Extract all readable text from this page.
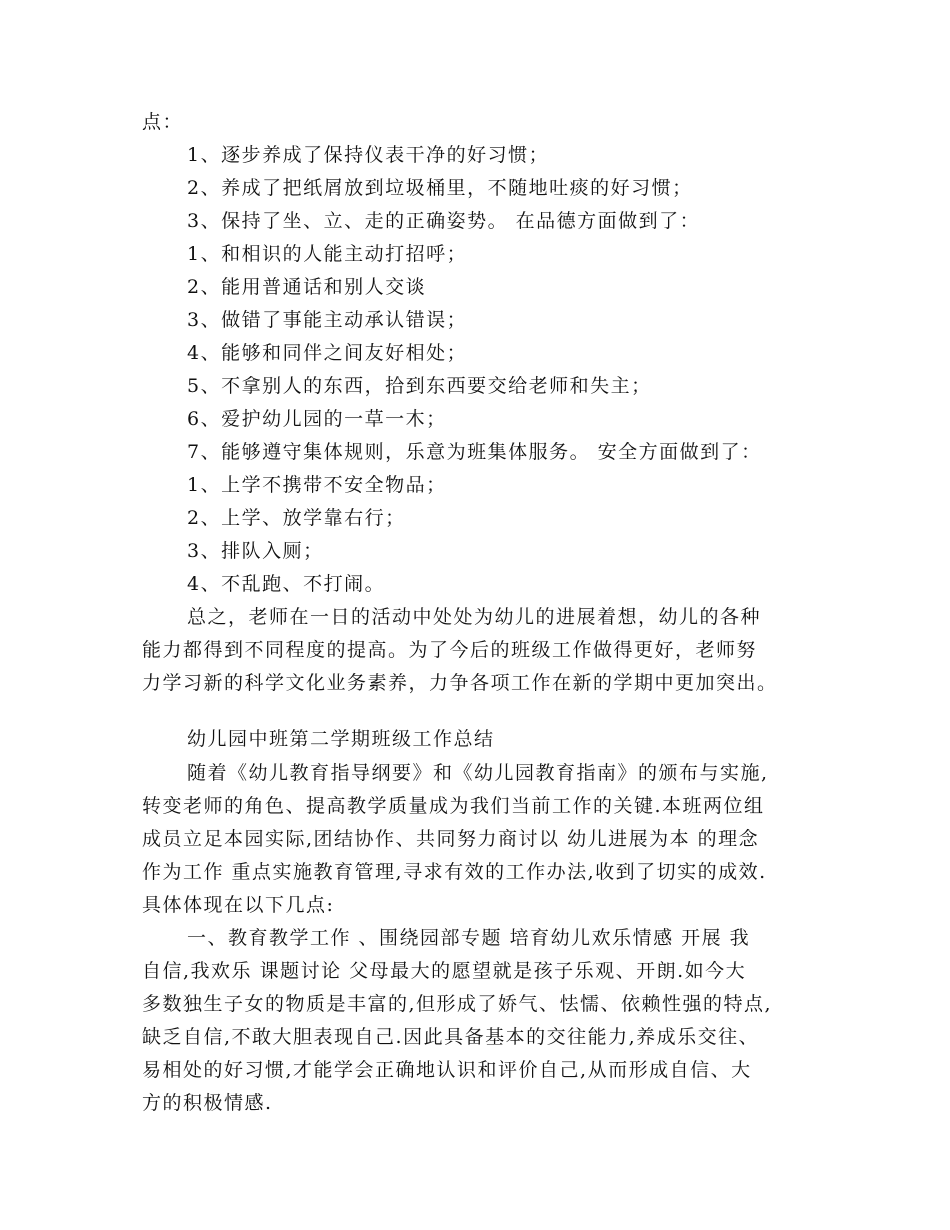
点：
1、逐步养成了保持仪表干净的好习惯；
2、养成了把纸屑放到垃圾桶里，不随地吐痰的好习惯；
3、保持了坐、立、走的正确姿势。 在品德方面做到了：
1、和相识的人能主动打招呼；
2、能用普通话和别人交谈
3、做错了事能主动承认错误；
4、能够和同伴之间友好相处；
5、不拿别人的东西，拾到东西要交给老师和失主；
6、爱护幼儿园的一草一木；
7、能够遵守集体规则，乐意为班集体服务。 安全方面做到了：
1、上学不携带不安全物品；
2、上学、放学靠右行；
3、排队入厕；
4、不乱跑、不打闹。
总之，老师在一日的活动中处处为幼儿的进展着想，幼儿的各种
能力都得到不同程度的提高。为了今后的班级工作做得更好，老师努
力学习新的科学文化业务素养，力争各项工作在新的学期中更加突出。
幼儿园中班第二学期班级工作总结
随着《幼儿教育指导纲要》和《幼儿园教育指南》的颁布与实施,
转变老师的角色、提高教学质量成为我们当前工作的关键.本班两位组
成员立足本园实际,团结协作、共同努力商讨以 幼儿进展为本 的理念
作为工作 重点实施教育管理,寻求有效的工作办法,收到了切实的成效.
具体体现在以下几点:
一、教育教学工作 、围绕园部专题 培育幼儿欢乐情感 开展 我
自信,我欢乐 课题讨论 父母最大的愿望就是孩子乐观、开朗.如今大
多数独生子女的物质是丰富的,但形成了娇气、怯懦、依赖性强的特点,
缺乏自信,不敢大胆表现自己.因此具备基本的交往能力,养成乐交往、
易相处的好习惯,才能学会正确地认识和评价自己,从而形成自信、大
方的积极情感.
